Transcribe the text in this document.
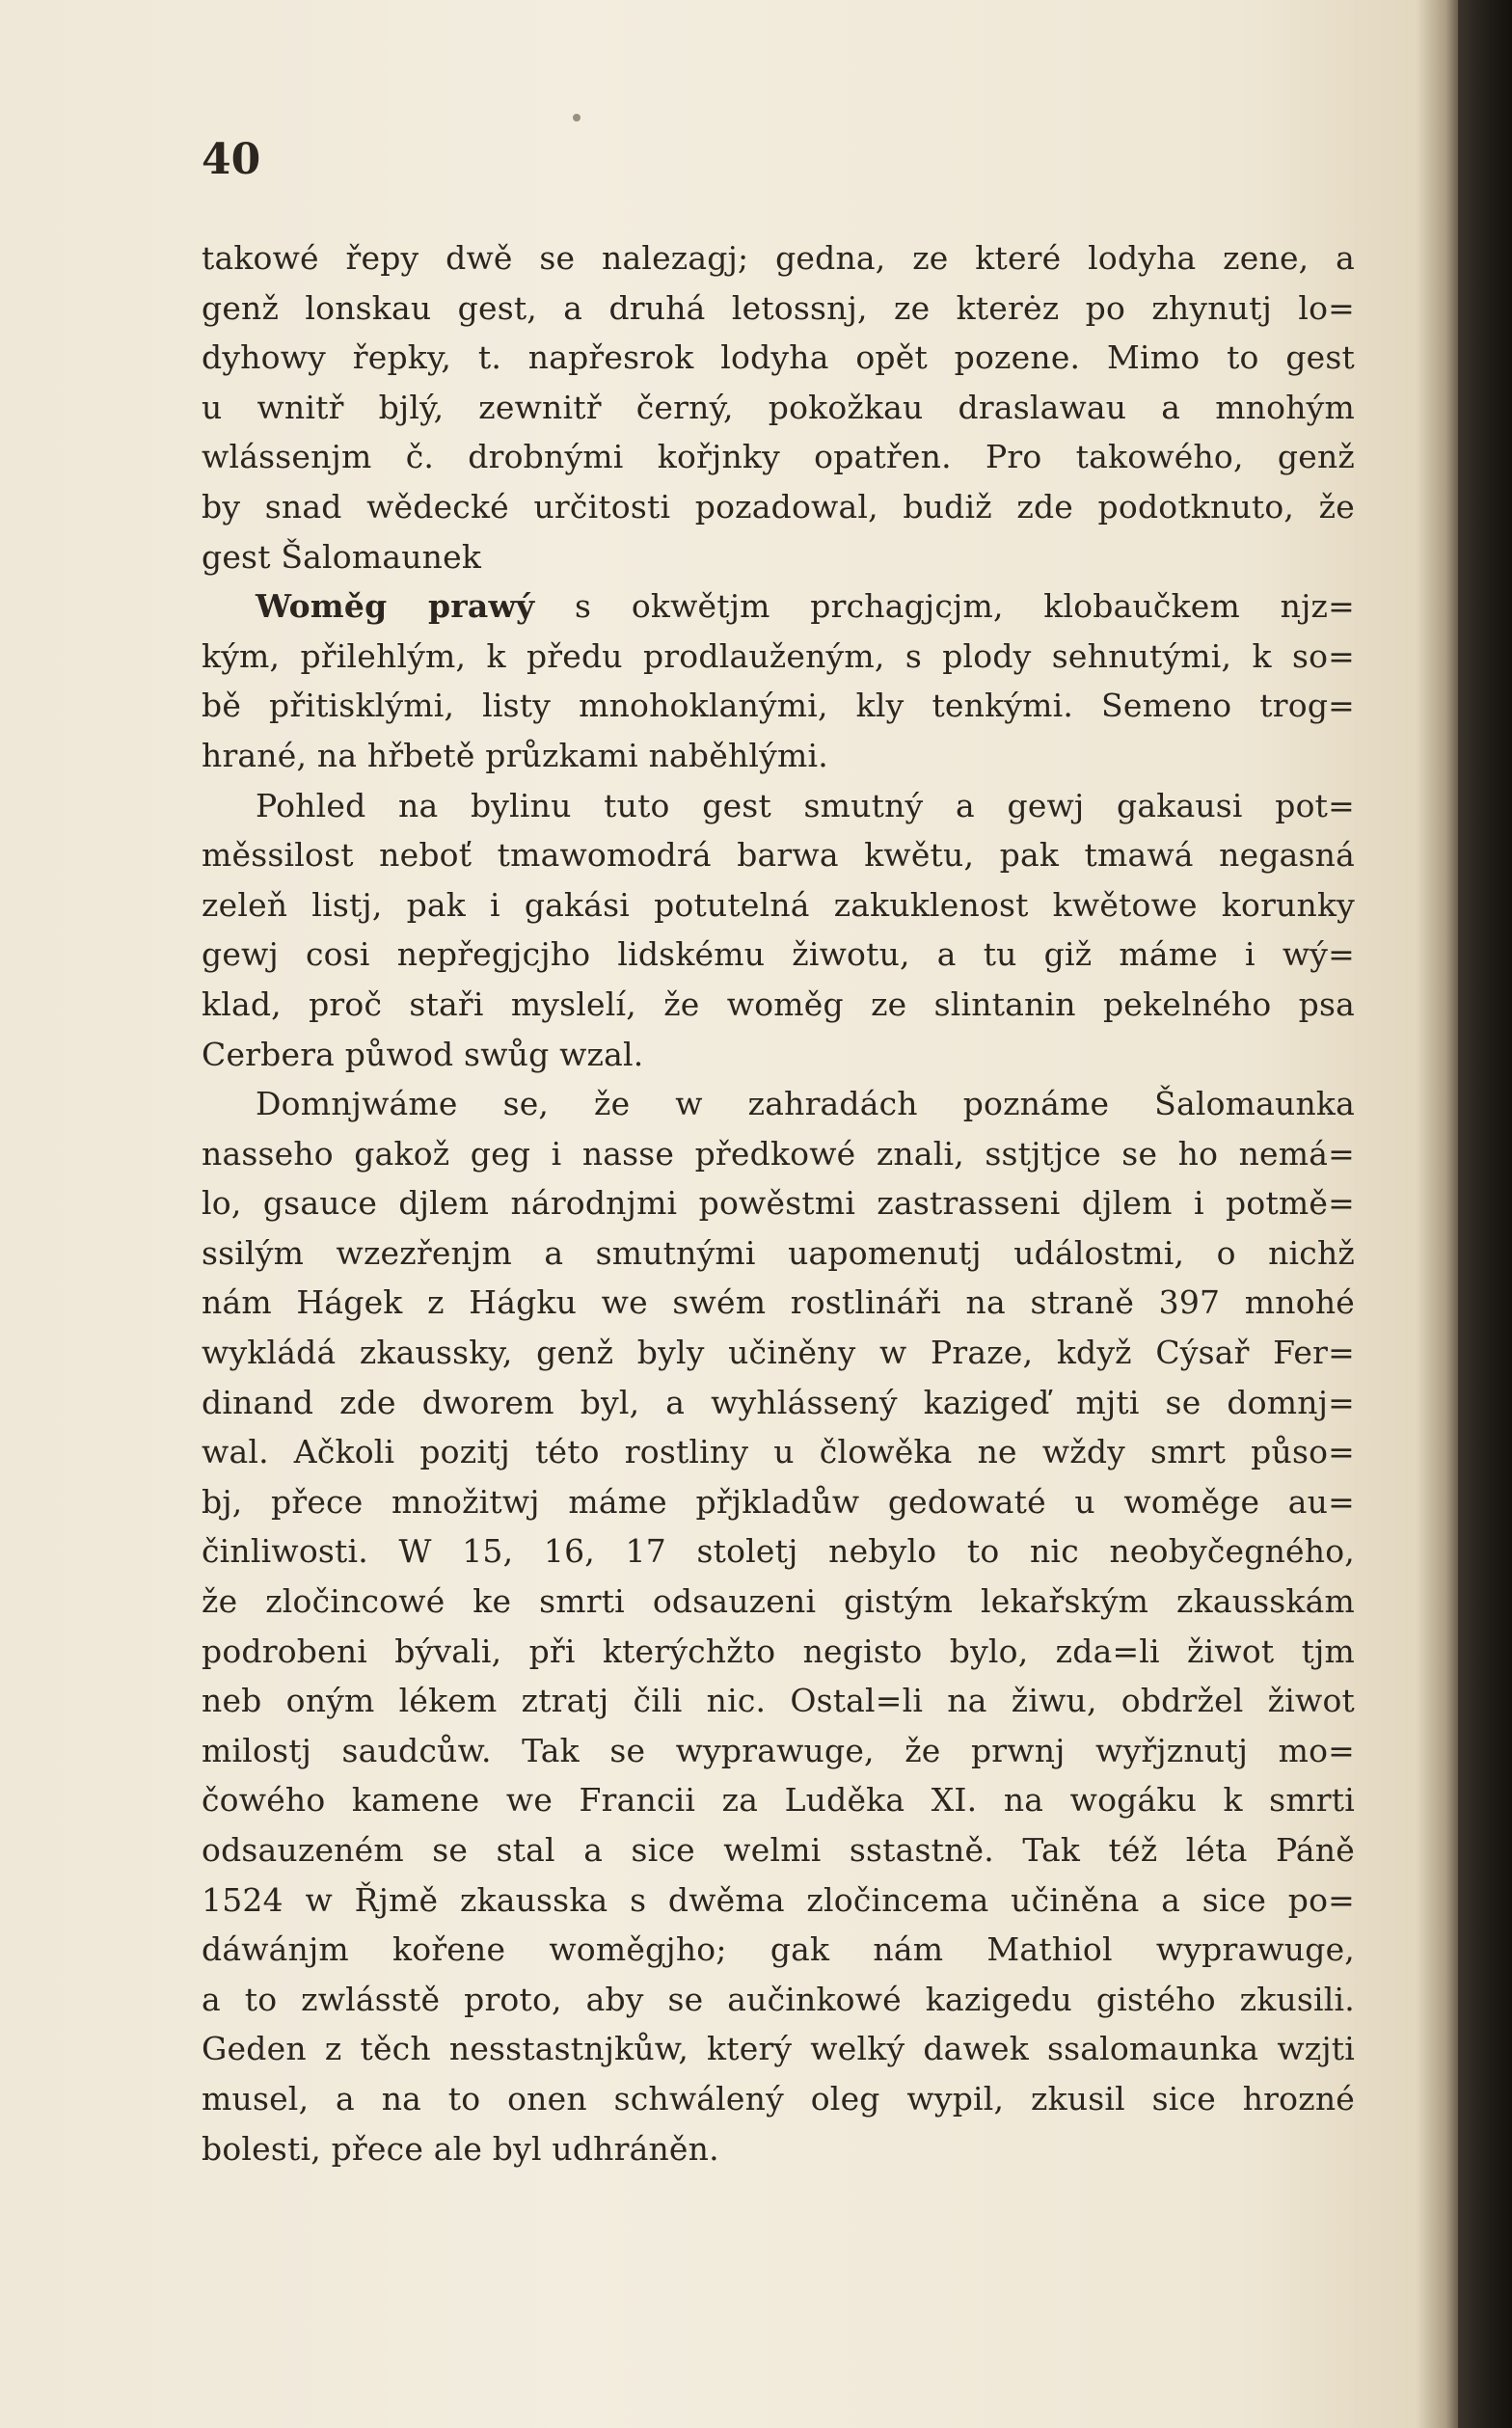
40

takowé řepy dwě se nalezagj; gedna, ze které lodyha zene, a
genž lonskau gest, a druhá letossnj, ze kterėz po zhynutj lo=
dyhowy řepky, t. napřesrok lodyha opět pozene. Mimo to gest
u wnitř bjlý, zewnitř černý, pokožkau draslawau a mnohým
wlássenjm č. drobnými kořjnky opatřen. Pro takowého, genž
by snad wědecké určitosti pozadowal, budiž zde podotknuto, že
gest Šalomaunek

Woměg prawý s okwětjm prchagjcjm, klobaučkem njz=
kým, přilehlým, k předu prodlauženým, s plody sehnutými, k so=
bě přitisklými, listy mnohoklanými, kly tenkými. Semeno trog=
hrané, na hřbetě průzkami naběhlými.

Pohled na bylinu tuto gest smutný a gewj gakausi pot=
měssilost neboť tmawomodrá barwa kwětu, pak tmawá negasná
zeleň listj, pak i gakási potutelná zakuklenost kwětowe korunky
gewj cosi nepřegjcjho lidskému žiwotu, a tu giž máme i wý=
klad, proč staři myslelí, že woměg ze slintanin pekelného psa
Cerbera půwod swůg wzal.

Domnjwáme se, že w zahradách poznáme Šalomaunka
nasseho gakož geg i nasse předkowé znali, sstjtjce se ho nemá=
lo, gsauce djlem národnjmi powěstmi zastrasseni djlem i potmě=
ssilým wzezřenjm a smutnými uapomenutj událostmi, o nichž
nám Hágek z Hágku we swém rostlináři na straně 397 mnohé
wykládá zkaussky, genž byly učiněny w Praze, když Cýsař Fer=
dinand zde dworem byl, a wyhlássený kazigeď mjti se domnj=
wal. Ačkoli pozitj této rostliny u člowěka ne wždy smrt půso=
bj, přece množitwj máme přjkladůw gedowaté u woměge au=
činliwosti. W 15, 16, 17 stoletj nebylo to nic neobyčegného,
že zločincowé ke smrti odsauzeni gistým lekařským zkausskám
podrobeni bývali, při kterýchžto negisto bylo, zda=li žiwot tjm
neb oným lékem ztratj čili nic. Ostal=li na žiwu, obdržel žiwot
milostj saudcůw. Tak se wyprawuge, že prwnj wyřjznutj mo=
čowého kamene we Francii za Luděka XI. na wogáku k smrti
odsauzeném se stal a sice welmi sstastně. Tak též léta Páně
1524 w Řjmě zkausska s dwěma zločincema učiněna a sice po=
dáwánjm kořene woměgjho; gak nám Mathiol wyprawuge,
a to zwlásstě proto, aby se aučinkowé kazigedu gistého zkusili.
Geden z těch nesstastnjkůw, který welký dawek ssalomaunka wzjti
musel, a na to onen schwálený oleg wypil, zkusil sice hrozné
bolesti, přece ale byl udhráněn.
